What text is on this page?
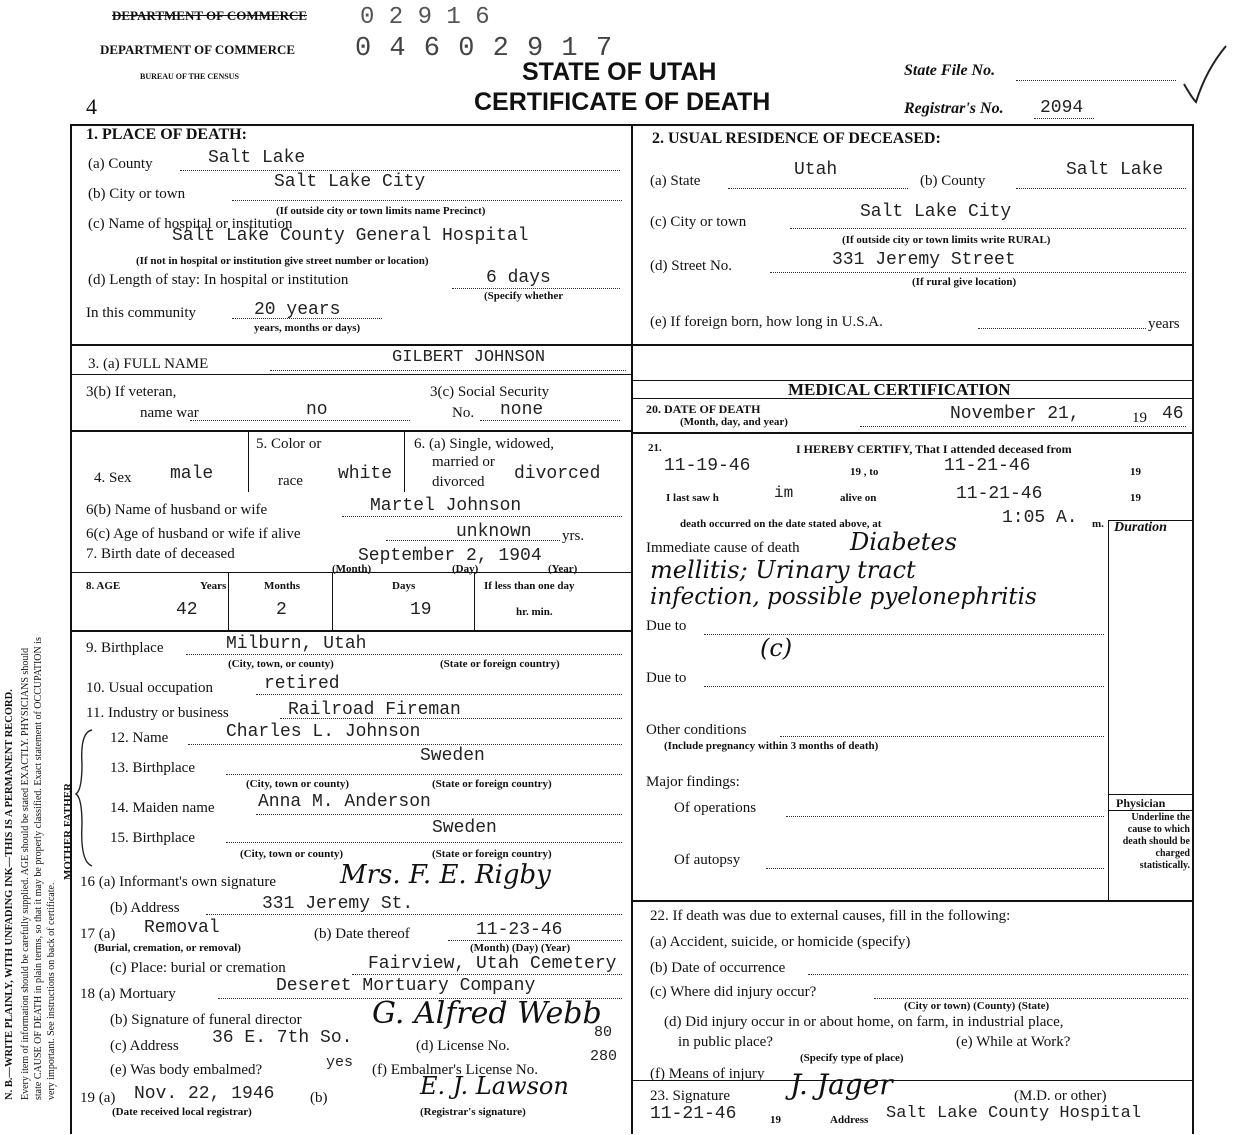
N. B.—WRITE PLAINLY, WITH UNFADING INK—THIS IS A PERMANENT RECORD. Every item of information should be carefully supplied. AGE should be stated EXACTLY. PHYSICIANS should state CAUSE OF DEATH in plain terms, so that it may be properly classified. Exact statement of OCCUPATION is very important. See instructions on back of certificate.
DEPARTMENT OF COMMERCE 0 2 9 1 6
DEPARTMENT OF COMMERCE
BUREAU OF THE CENSUS
0 4 6 0 2 9 1 7
4
STATE OF UTAH
CERTIFICATE OF DEATH
State File No.
Registrar's No. 2094
1. PLACE OF DEATH:
(a) County	Salt Lake
(b) City or town
Salt Lake City
(If outside city or town limits name Precinct)
(c) Name of hospital or institution
Salt Lake County General Hospital
(If not in hospital or institution give street number or location)
(d) Length of stay: In hospital or institution	6 days
(Specify whether
In this community	20 years
years, months or days)
2. USUAL RESIDENCE OF DECEASED:
(a) State
Utah
(b) County
Salt Lake
(c) City or town	Salt Lake City
(If outside city or town limits write RURAL)
(d) Street No.	331 Jeremy Street
(If rural give location)
(e) If foreign born, how long in U.S.A.	years
3. (a) FULL NAME	GILBERT JOHNSON
3(b) If veteran,
name war	no
3(c) Social Security
No. none
4. Sex male
5. Color or
race white
6. (a) Single, widowed,
married or
divorced divorced
6(b) Name of husband or wife	Martel Johnson
6(c) Age of husband or wife if alive	unknown yrs.
7. Birth date of deceased	September 2, 1904
(Month)	(Day)	(Year)
8. AGE	Years	Months	Days	If less than one day
42	2	19	hr. min.
9. Birthplace	Milburn, Utah
(City, town, or county)	(State or foreign country)
10. Usual occupation	retired
11. Industry or business	Railroad Fireman
MOTHER FATHER
12. Name	Charles L. Johnson
13. Birthplace
Sweden
(City, town or county)	(State or foreign country)
14. Maiden name Anna M. Anderson
15. Birthplace	Sweden
(City, town or county)	(State or foreign country)
16 (a) Informant's own signature Mrs. F. E. Rigby
(b) Address	331 Jeremy St.
17 (a) Removal
(Burial, cremation, or removal)
(b) Date thereof	11-23-46
(Month) (Day) (Year)
(c) Place: burial or cremation	Fairview, Utah Cemetery
18 (a) Mortuary	Deseret Mortuary Company
(b) Signature of funeral director G. Alfred Webb
(c) Address 36 E. 7th So.	(d) License No.
80
(e) Was body embalmed?	yes (f) Embalmer's License No.
280
19 (a) Nov. 22, 1946
(Date received local registrar)
(b)	E. J. Lawson
(Registrar's signature)
MEDICAL CERTIFICATION
20. DATE OF DEATH
(Month, day, and year)	November 21,	19 46
21.	I HEREBY CERTIFY, That I attended deceased from
11-19-46	19 , to	11-21-46	19
I last saw h	im	alive on	11-21-46	19
death occurred on the date stated above, at	1:05 A. m. Duration
Immediate cause of death Diabetes
mellitis; Urinary tract
infection, possible pyelonephritis
Due to
(c)
Due to
Other conditions
(Include pregnancy within 3 months of death)
Major findings:
Of operations
Of autopsy
Physician
Underline the cause to which death should be charged statistically.
22. If death was due to external causes, fill in the following:
(a) Accident, suicide, or homicide (specify)
(b) Date of occurrence
(c) Where did injury occur?
(City or town) (County) (State)
(d) Did injury occur in or about home, on farm, in industrial place,
in public place?	(e) While at Work?
(Specify type of place)
(f) Means of injury
23. Signature J. Jager	(M.D. or other)
11-21-46	19	Address Salt Lake County Hospital
